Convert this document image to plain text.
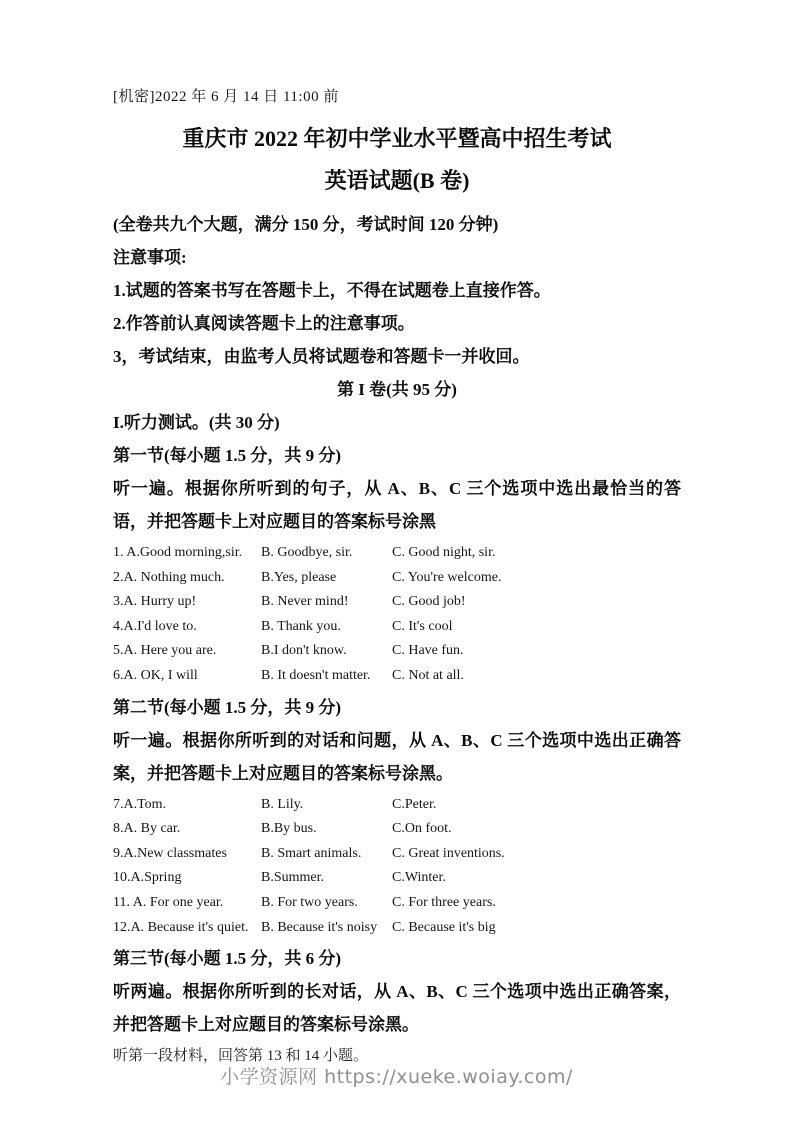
[机密]2022 年 6 月 14 日 11:00 前
重庆市 2022 年初中学业水平暨高中招生考试
英语试题(B 卷)

(全卷共九个大题，满分 150 分，考试时间 120 分钟)

注意事项:

1.试题的答案书写在答题卡上，不得在试题卷上直接作答。

2.作答前认真阅读答题卡上的注意事项。

3，考试结束，由监考人员将试题卷和答题卡一并收回。

第 I 卷(共 95 分)

I.听力测试。(共 30 分)

第一节(每小题 1.5 分，共 9 分)

听一遍。根据你所听到的句子，从 A、B、C 三个选项中选出最恰当的答语，并把答题卡上对应题目的答案标号涂黑

1. A.Good morning,sir.	B. Goodbye, sir.	C. Good night, sir.
2.A. Nothing much.	B.Yes, please	C. You're welcome.
3.A. Hurry up!	B. Never mind!	C. Good job!
4.A.I'd love to.	B. Thank you.	C. It's cool
5.A. Here you are.	B.I don't know.	C. Have fun.
6.A. OK, I will	B. It doesn't matter.	C. Not at all.

第二节(每小题 1.5 分，共 9 分)

听一遍。根据你所听到的对话和问题，从 A、B、C 三个选项中选出正确答案，并把答题卡上对应题目的答案标号涂黑。

7.A.Tom.	B. Lily.	C.Peter.
8.A. By car.	B.By bus.	C.On foot.
9.A.New classmates	B. Smart animals.	C. Great inventions.
10.A.Spring	B.Summer.	C.Winter.
11. A. For one year.	B. For two years.	C. For three years.
12.A. Because it's quiet. B. Because it's noisy	C. Because it's big

第三节(每小题 1.5 分，共 6 分)

听两遍。根据你所听到的长对话，从 A、B、C 三个选项中选出正确答案，并把答题卡上对应题目的答案标号涂黑。

听第一段材料，回答第 13 和 14 小题。

小学资源网 https://xueke.woiay.com/
